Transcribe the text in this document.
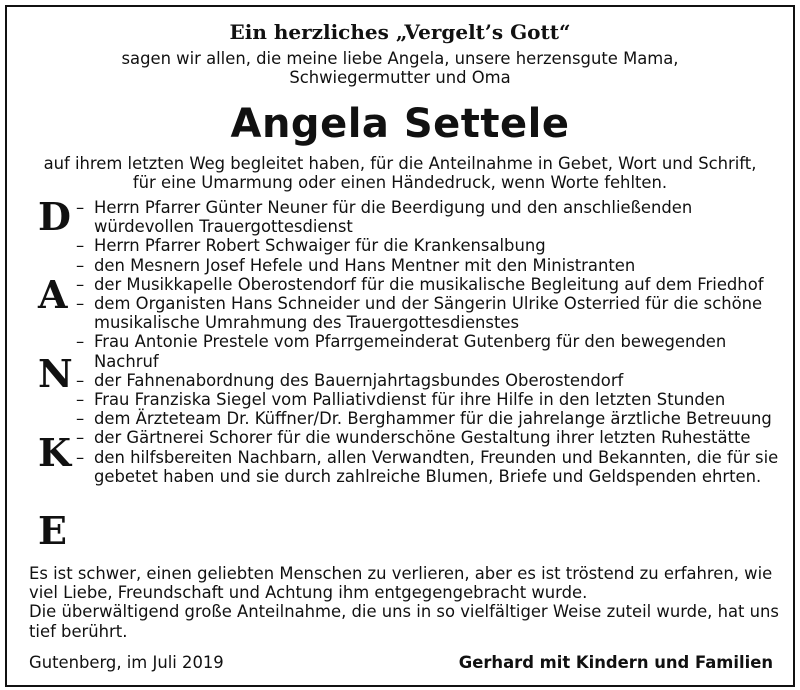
Ein herzliches „Vergelt’s Gott“
sagen wir allen, die meine liebe Angela, unsere herzensgute Mama,
Schwiegermutter und Oma
Angela Settele
auf ihrem letzten Weg begleitet haben, für die Anteilnahme in Gebet, Wort und Schrift,
für eine Umarmung oder einen Händedruck, wenn Worte fehlten.
D
A
N
K
E
– Herrn Pfarrer Günter Neuner für die Beerdigung und den anschließenden würdevollen Trauergottesdienst
– Herrn Pfarrer Robert Schwaiger für die Krankensalbung
– den Mesnern Josef Hefele und Hans Mentner mit den Ministranten
– der Musikkapelle Oberostendorf für die musikalische Begleitung auf dem Friedhof
– dem Organisten Hans Schneider und der Sängerin Ulrike Osterried für die schöne musikalische Umrahmung des Trauergottesdienstes
– Frau Antonie Prestele vom Pfarrgemeinderat Gutenberg für den bewegenden Nachruf
– der Fahnenabordnung des Bauernjahrtagsbundes Oberostendorf
– Frau Franziska Siegel vom Palliativdienst für ihre Hilfe in den letzten Stunden
– dem Ärzteteam Dr. Küffner/Dr. Berghammer für die jahrelange ärztliche Betreuung
– der Gärtnerei Schorer für die wunderschöne Gestaltung ihrer letzten Ruhestätte
– den hilfsbereiten Nachbarn, allen Verwandten, Freunden und Bekannten, die für sie gebetet haben und sie durch zahlreiche Blumen, Briefe und Geldspenden ehrten.
Es ist schwer, einen geliebten Menschen zu verlieren, aber es ist tröstend zu erfahren, wie viel Liebe, Freundschaft und Achtung ihm entgegengebracht wurde.
Die überwältigend große Anteilnahme, die uns in so vielfältiger Weise zuteil wurde, hat uns tief berührt.
Gutenberg, im Juli 2019	Gerhard mit Kindern und Familien
